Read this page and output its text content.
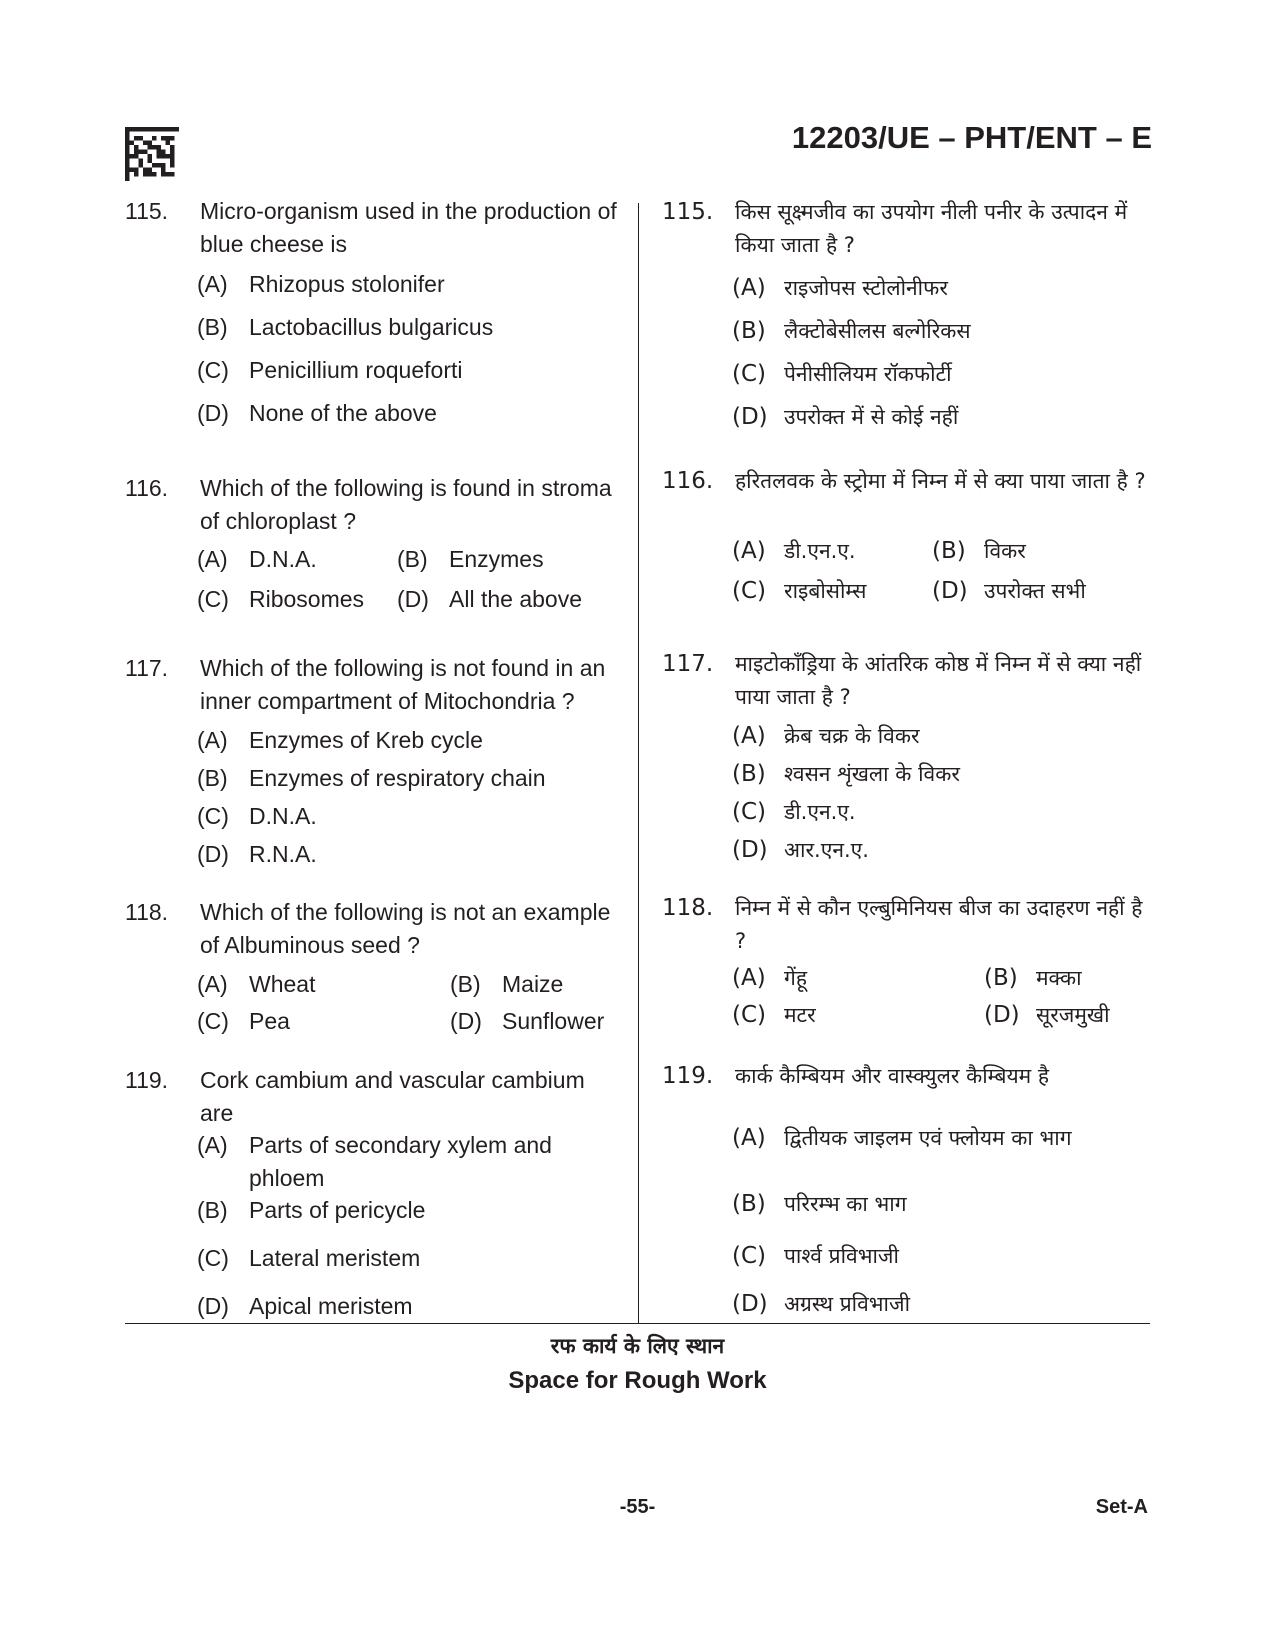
12203/UE – PHT/ENT – E
115. Micro-organism used in the production of blue cheese is
(A) Rhizopus stolonifer
(B) Lactobacillus bulgaricus
(C) Penicillium roqueforti
(D) None of the above
116. Which of the following is found in stroma of chloroplast ?
(A) D.N.A.	(B) Enzymes
(C) Ribosomes (D) All the above
117. Which of the following is not found in an inner compartment of Mitochondria ?
(A) Enzymes of Kreb cycle
(B) Enzymes of respiratory chain
(C) D.N.A.
(D) R.N.A.
118. Which of the following is not an example of Albuminous seed ?
(A) Wheat	(B) Maize
(C) Pea	(D) Sunflower
119. Cork cambium and vascular cambium are
(A) Parts of secondary xylem and phloem
(B) Parts of pericycle
(C) Lateral meristem
(D) Apical meristem
115. किस सूक्ष्मजीव का उपयोग नीली पनीर के उत्पादन में किया जाता है ?
(A) राइजोपस स्टोलोनीफर
(B) लैक्टोबेसीलस बल्गेरिकस
(C) पेनीसीलियम रॉकफोर्टी
(D) उपरोक्त में से कोई नहीं
116. हरितलवक के स्ट्रोमा में निम्न में से क्या पाया जाता है ?
(A) डी.एन.ए.	(B) विकर
(C) राइबोसोम्स	(D) उपरोक्त सभी
117. माइटोकाँड्रिया के आंतरिक कोष्ठ में निम्न में से क्या नहीं पाया जाता है ?
(A) क्रेब चक्र के विकर
(B) श्वसन शृंखला के विकर
(C) डी.एन.ए.
(D) आर.एन.ए.
118. निम्न में से कौन एल्बुमिनियस बीज का उदाहरण नहीं है ?
(A) गेंहू	(B) मक्का
(C) मटर	(D) सूरजमुखी
119. कार्क कैम्बियम और वास्क्युलर कैम्बियम है
(A) द्वितीयक जाइलम एवं फ्लोयम का भाग
(B) परिरम्भ का भाग
(C) पार्श्व प्रविभाजी
(D) अग्रस्थ प्रविभाजी
रफ कार्य के लिए स्थान
Space for Rough Work
-55-	Set-A
